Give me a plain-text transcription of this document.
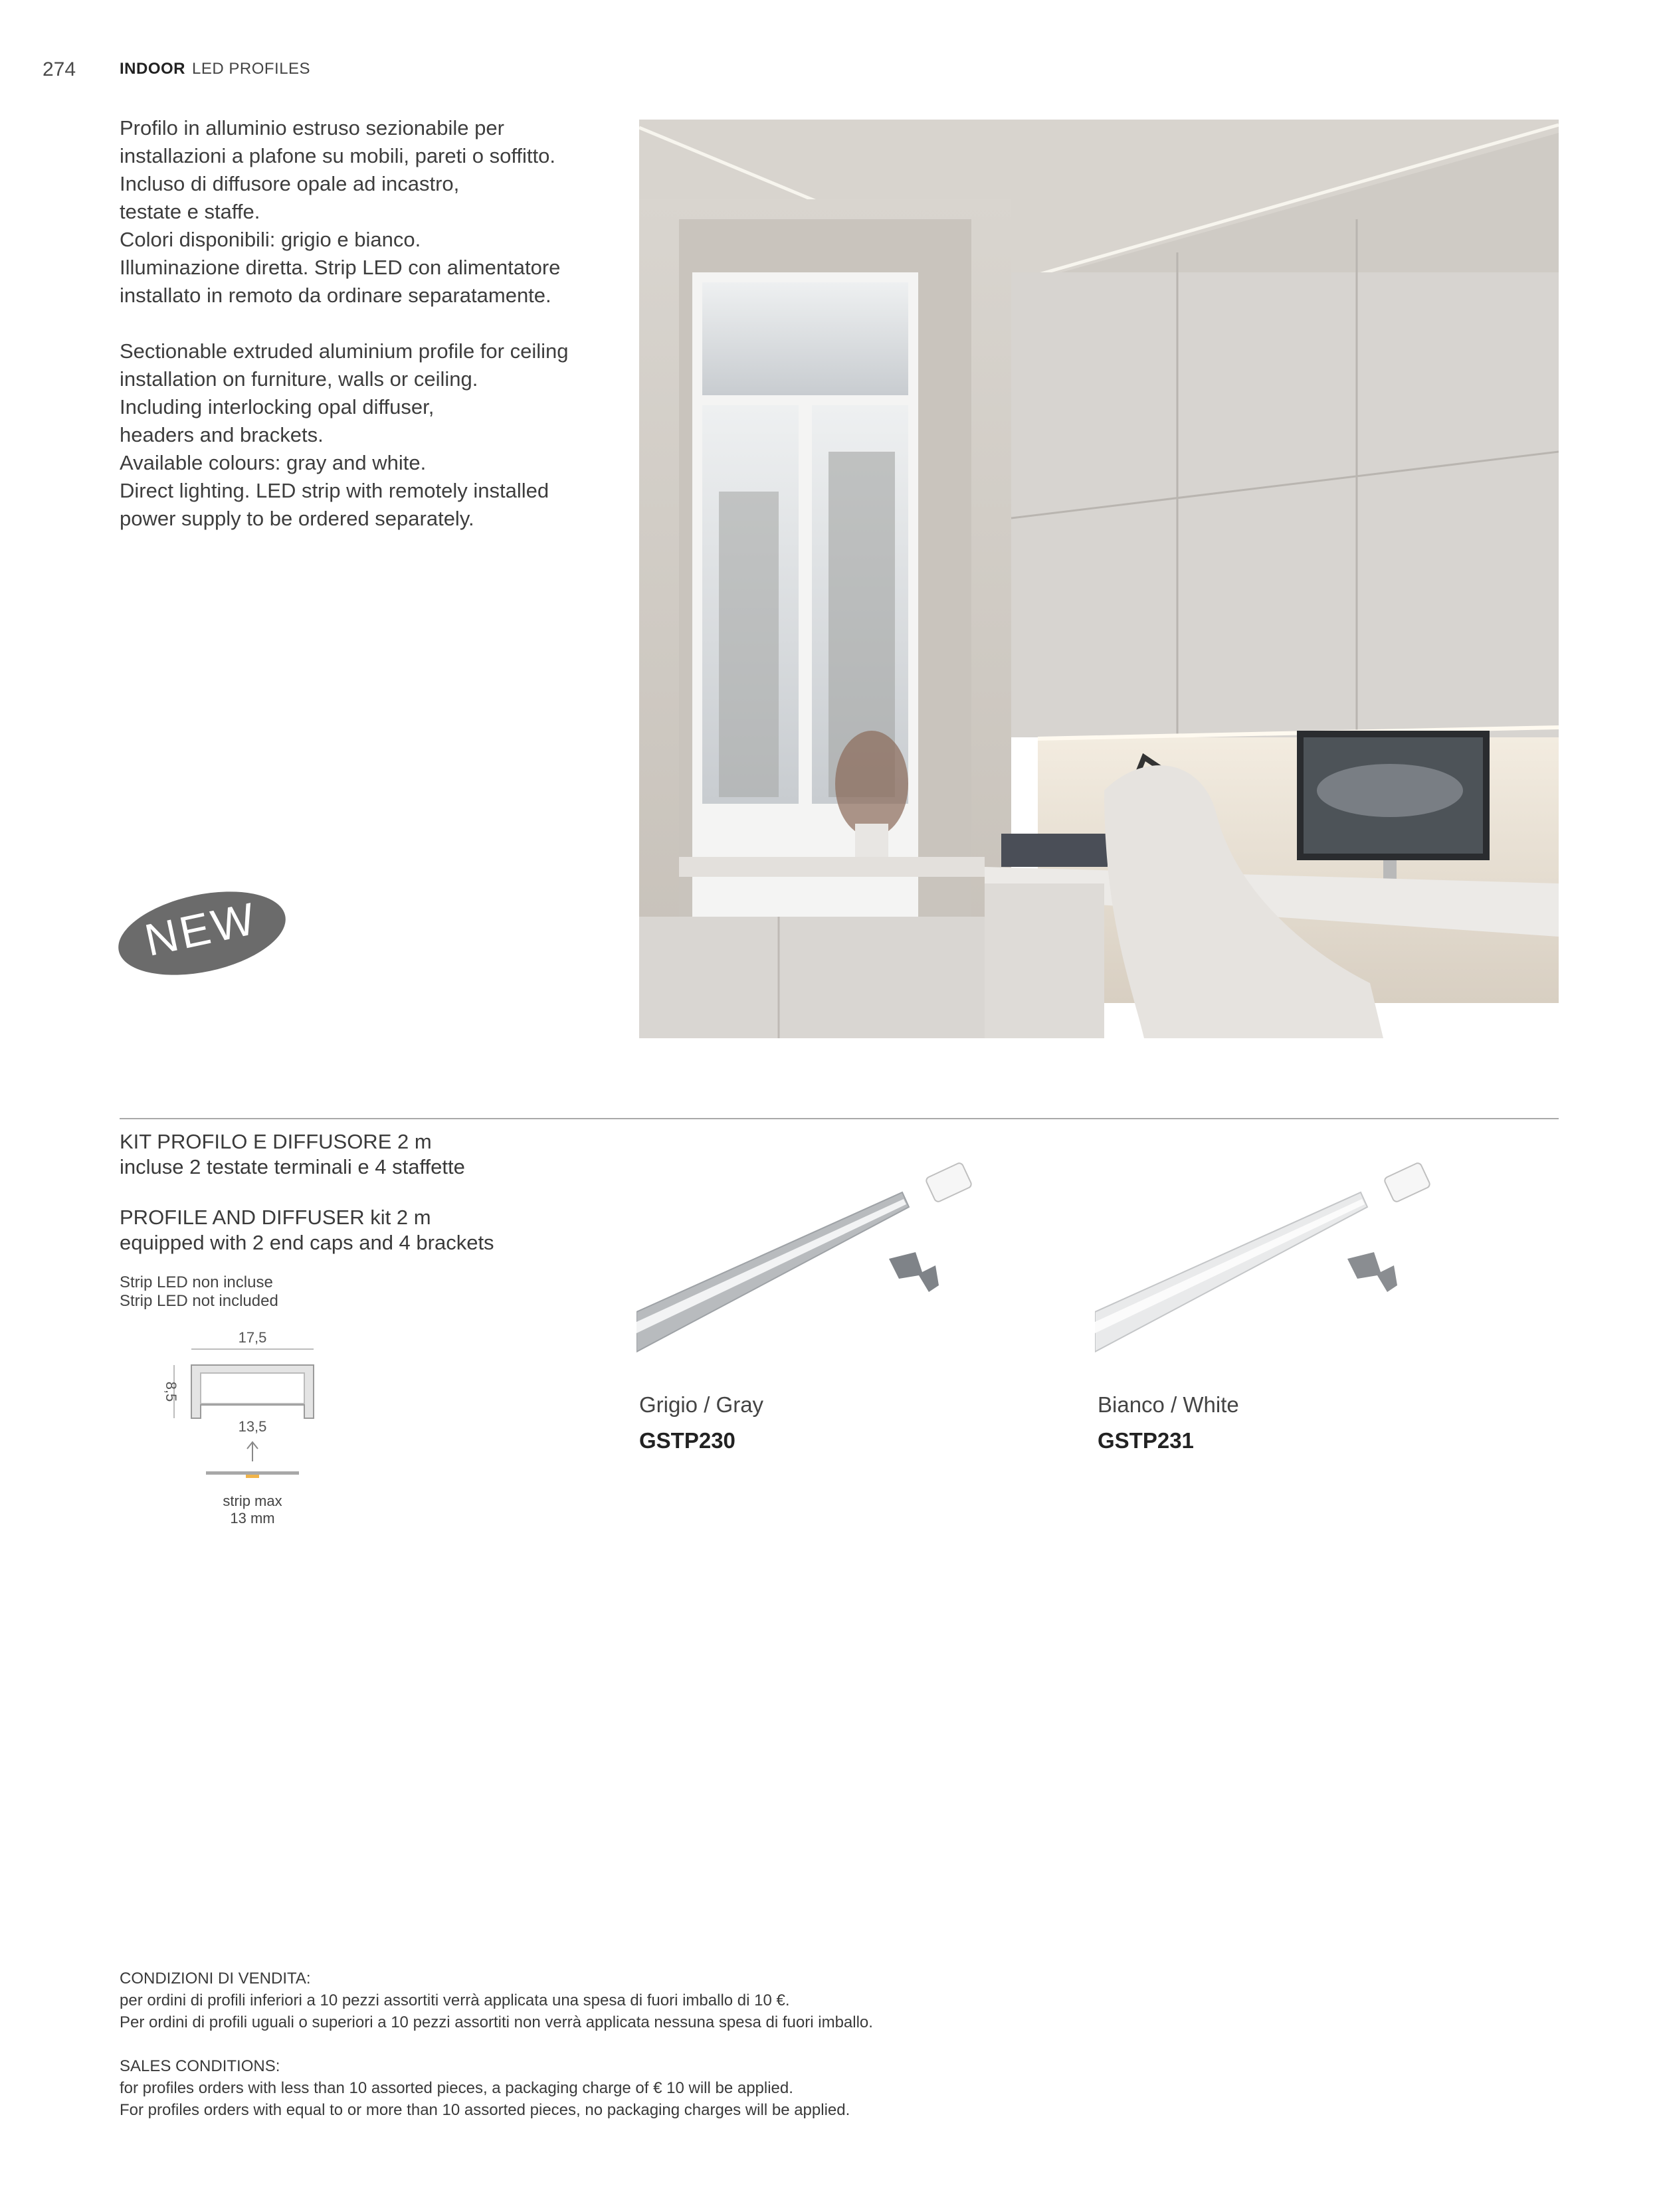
274	INDOOR LED PROFILES

Profilo in alluminio estruso sezionabile per
installazioni a plafone su mobili, pareti o soffitto.
Incluso di diffusore opale ad incastro,
testate e staffe.
Colori disponibili: grigio e bianco.
Illuminazione diretta. Strip LED con alimentatore
installato in remoto da ordinare separatamente.

Sectionable extruded aluminium profile for ceiling
installation on furniture, walls or ceiling.
Including interlocking opal diffuser,
headers and brackets.
Available colours: gray and white.
Direct lighting. LED strip with remotely installed
power supply to be ordered separately.

NEW

KIT PROFILO E DIFFUSORE 2 m

incluse 2 testate terminali e 4 staffette

PROFILE AND DIFFUSER kit 2 m

equipped with 2 end caps and 4 brackets

Strip LED non incluse

Strip LED not included

17,5
8,5
13,5
strip max
13 mm
Grigio / Gray
GSTP230
Bianco / White
GSTP231

CONDIZIONI DI VENDITA:

per ordini di profili inferiori a 10 pezzi assortiti verrà applicata una spesa di fuori imballo di 10 €.

Per ordini di profili uguali o superiori a 10 pezzi assortiti non verrà applicata nessuna spesa di fuori imballo.

SALES CONDITIONS:

for profiles orders with less than 10 assorted pieces, a packaging charge of € 10 will be applied.

For profiles orders with equal to or more than 10 assorted pieces, no packaging charges will be applied.
